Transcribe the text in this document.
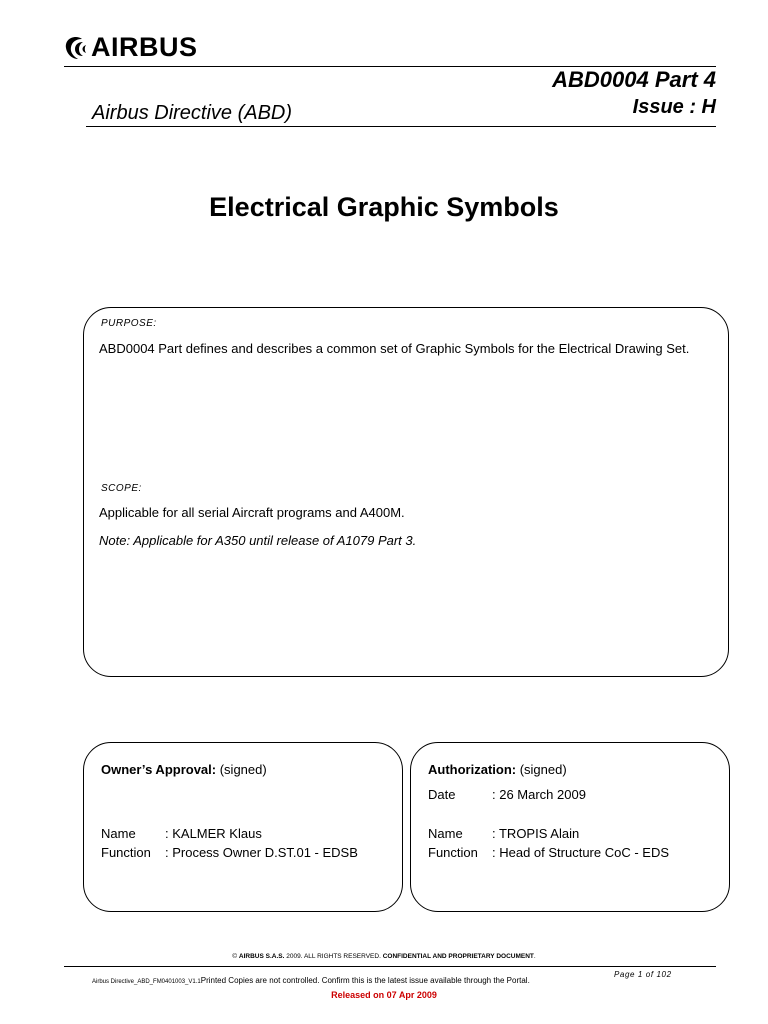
AIRBUS
ABD0004 Part 4
Issue : H
Airbus Directive (ABD)
Electrical Graphic Symbols
PURPOSE:
ABD0004 Part defines and describes a common set of Graphic Symbols for the Electrical Drawing Set.
SCOPE:
Applicable for all serial Aircraft programs and A400M.
Note: Applicable for A350 until release of A1079 Part 3.
Owner’s Approval: (signed)
Name : KALMER Klaus
Function : Process Owner D.ST.01 - EDSB
Authorization: (signed)
Date	: 26 March 2009
Name : TROPIS Alain
Function : Head of Structure CoC - EDS
© AIRBUS S.A.S. 2009. ALL RIGHTS RESERVED. CONFIDENTIAL AND PROPRIETARY DOCUMENT.
Airbus Directive_ABD_FM0401003_V1.1Printed Copies are not controlled. Confirm this is the latest issue available through the Portal.
Page 1 of 102
Released on 07 Apr 2009
